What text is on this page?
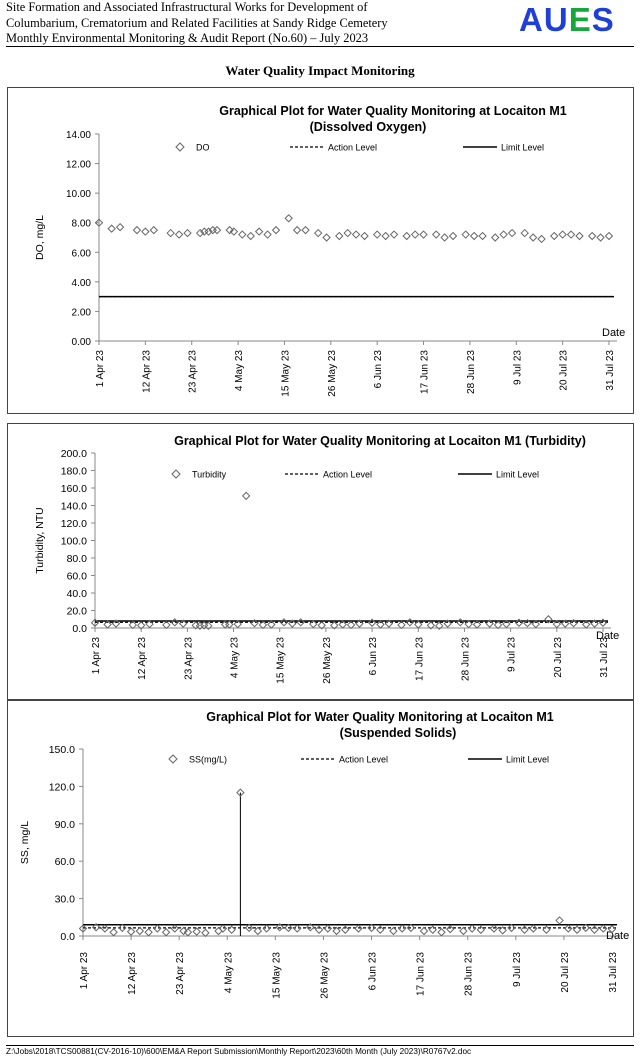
Site Formation and Associated Infrastructural Works for Development of
Columbarium, Crematorium and Related Facilities at Sandy Ridge Cemetery
Monthly Environmental Monitoring & Audit Report (No.60) – July 2023	AUES
Water Quality Impact Monitoring
Graphical Plot for Water Quality Monitoring at Locaiton M1 (Dissolved Oxygen)
0.00
2.00
4.00
6.00
8.00
10.00
12.00
14.00
DO, mg/L
1 Apr 23	12 Apr 23	23 Apr 23	4 May 23	15 May 23	26 May 23	6 Jun 23	17 Jun 23	28 Jun 23	9 Jul 23	20 Jul 23	31 Jul 23
Date
DO	Action Level	Limit Level
Graphical Plot for Water Quality Monitoring at Locaiton M1 (Turbidity)
0.0
20.0
40.0
60.0
80.0
100.0
120.0
140.0
160.0
180.0
200.0
Turbidity, NTU
1 Apr 23	12 Apr 23	23 Apr 23	4 May 23	15 May 23	26 May 23	6 Jun 23	17 Jun 23	28 Jun 23	9 Jul 23	20 Jul 23	31 Jul 23
Date
Turbidity	Action Level	Limit Level
Graphical Plot for Water Quality Monitoring at Locaiton M1 (Suspended Solids)
0.0
30.0
60.0
90.0
120.0
150.0
SS, mg/L
1 Apr 23	12 Apr 23	23 Apr 23	4 May 23	15 May 23	26 May 23	6 Jun 23	17 Jun 23	28 Jun 23	9 Jul 23	20 Jul 23	31 Jul 23
Date
SS(mg/L)	Action Level	Limit Level
Z:\Jobs\2018\TCS00881(CV-2016-10)\600\EM&A Report Submission\Monthly Report\2023\60th Month (July 2023)\R0767v2.doc
